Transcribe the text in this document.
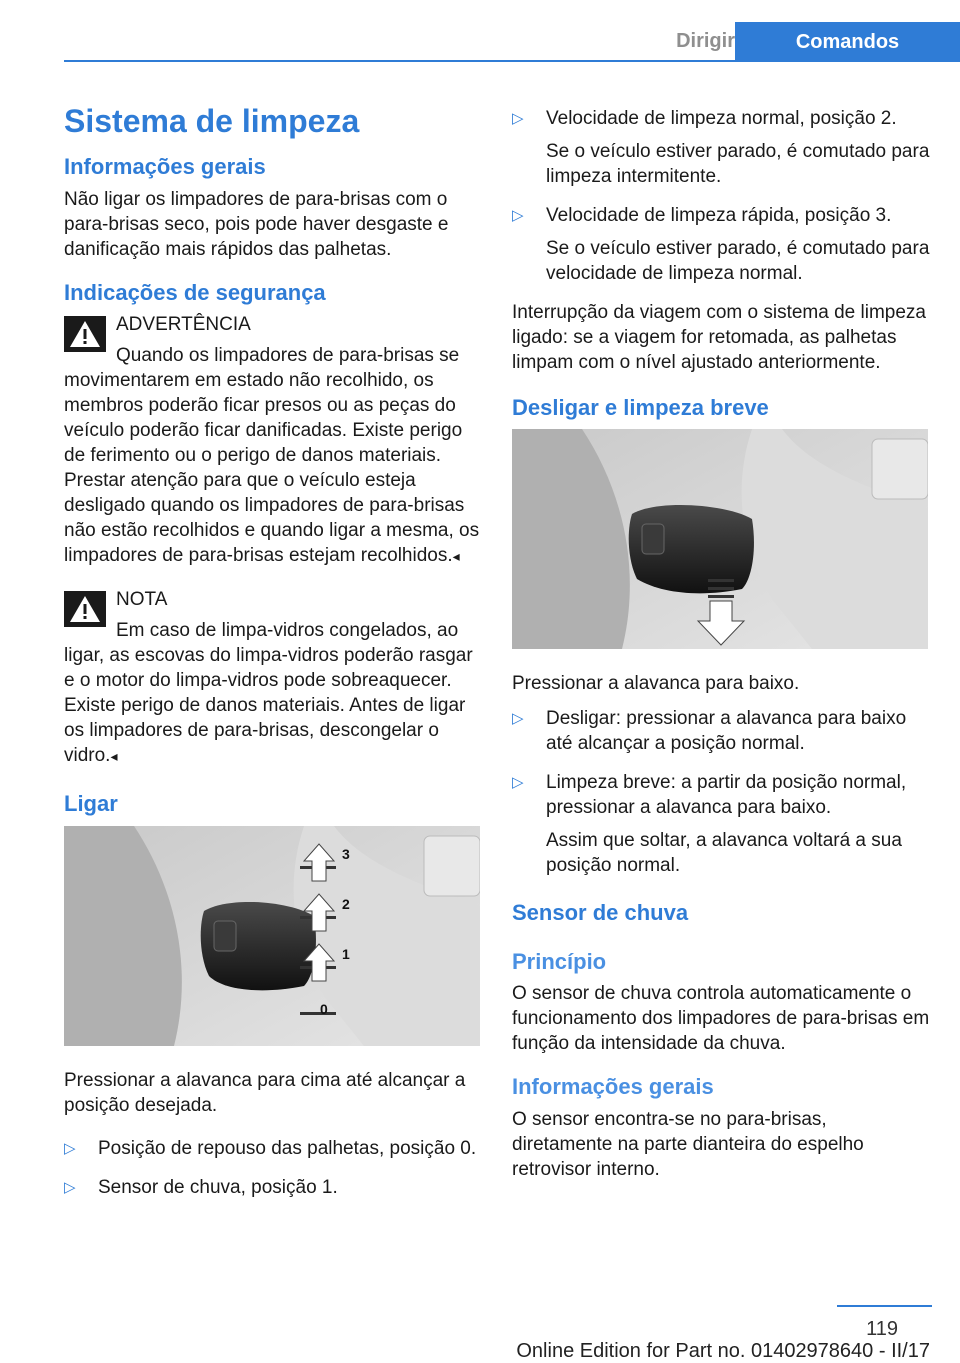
Dirigir	Comandos
Sistema de limpeza
Informações gerais

Não ligar os limpadores de para-brisas com o para-brisas seco, pois pode haver desgaste e danificação mais rápidos das palhetas.

Indicações de segurança
ADVERTÊNCIA

Quando os limpadores de para-brisas se movimentarem em estado não recolhido, os membros poderão ficar presos ou as peças do veículo poderão ficar danificadas. Existe perigo de ferimento ou o perigo de danos materiais. Prestar atenção para que o veículo esteja desligado quando os limpadores de para-brisas não estão recolhidos e quando ligar a mesma, os limpadores de para-brisas estejam recolhidos.◂

NOTA

Em caso de limpa-vidros congelados, ao ligar, as escovas do limpa-vidros poderão rasgar e o motor do limpa-vidros pode sobreaquecer. Existe perigo de danos materiais. Antes de ligar os limpadores de para-brisas, descongelar o vidro.◂

Ligar
3
2
1
0

Pressionar a alavanca para cima até alcançar a posição desejada.

▷ Posição de repouso das palhetas, posição 0.
▷ Sensor de chuva, posição 1.
▷ Velocidade de limpeza normal, posição 2.
Se o veículo estiver parado, é comutado para limpeza intermitente.
▷ Velocidade de limpeza rápida, posição 3.
Se o veículo estiver parado, é comutado para velocidade de limpeza normal.

Interrupção da viagem com o sistema de limpeza ligado: se a viagem for retomada, as palhetas limpam com o nível ajustado anteriormente.

Desligar e limpeza breve

Pressionar a alavanca para baixo.

▷ Desligar: pressionar a alavanca para baixo até alcançar a posição normal.
▷ Limpeza breve: a partir da posição normal, pressionar a alavanca para baixo.
Assim que soltar, a alavanca voltará a sua posição normal.
Sensor de chuva
Princípio

O sensor de chuva controla automaticamente o funcionamento dos limpadores de para-brisas em função da intensidade da chuva.

Informações gerais

O sensor encontra-se no para-brisas, diretamente na parte dianteira do espelho retrovisor interno.

119
Online Edition for Part no. 01402978640 - II/17
